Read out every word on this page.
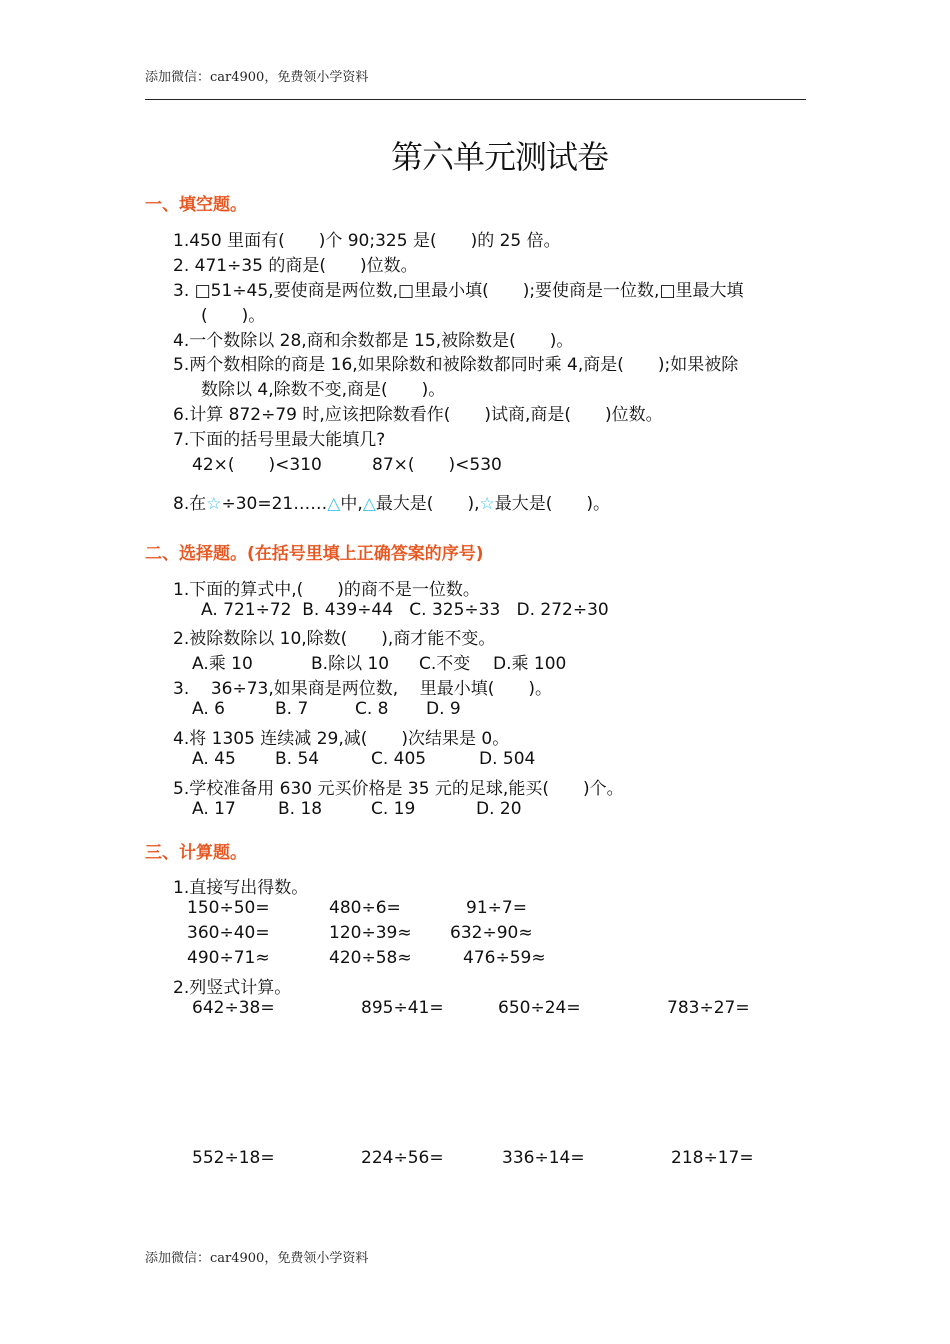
添加微信：car4900，免费领小学资料
第六单元测试卷
一、填空题。
1.450 里面有(　　)个 90;325 是(　　)的 25 倍。
2. 471÷35 的商是(　　)位数。
3. □51÷45,要使商是两位数,□里最小填(　　);要使商是一位数,□里最大填
(　　)。
4.一个数除以 28,商和余数都是 15,被除数是(　　)。
5.两个数相除的商是 16,如果除数和被除数都同时乘 4,商是(　　);如果被除
数除以 4,除数不变,商是(　　)。
6.计算 872÷79 时,应该把除数看作(　　)试商,商是(　　)位数。
7.下面的括号里最大能填几?
42×(　　)<310	87×(　　)<530
8.在☆÷30=21……△中,△最大是(　　),☆最大是(　　)。
二、选择题。(在括号里填上正确答案的序号)
1.下面的算式中,(　　)的商不是一位数。
A. 721÷72  B. 439÷44   C. 325÷33   D. 272÷30
2.被除数除以 10,除数(　　),商才能不变。
A.乘 10	B.除以 10 C.不变 D.乘 100
3.    36÷73,如果商是两位数,    里最小填(　　)。
A. 6	B. 7	C. 8 D. 9
4.将 1305 连续减 29,减(　　)次结果是 0。
A. 45 B. 54	C. 405	D. 504
5.学校准备用 630 元买价格是 35 元的足球,能买(　　)个。
A. 17 B. 18	C. 19	D. 20
三、计算题。
1.直接写出得数。
150÷50=	480÷6=	91÷7=
360÷40=	120÷39≈ 632÷90≈
490÷71≈	420÷58≈	476÷59≈
2.列竖式计算。
642÷38=	895÷41=	650÷24=	783÷27=
552÷18=	224÷56=	336÷14=	218÷17=
添加微信：car4900，免费领小学资料
